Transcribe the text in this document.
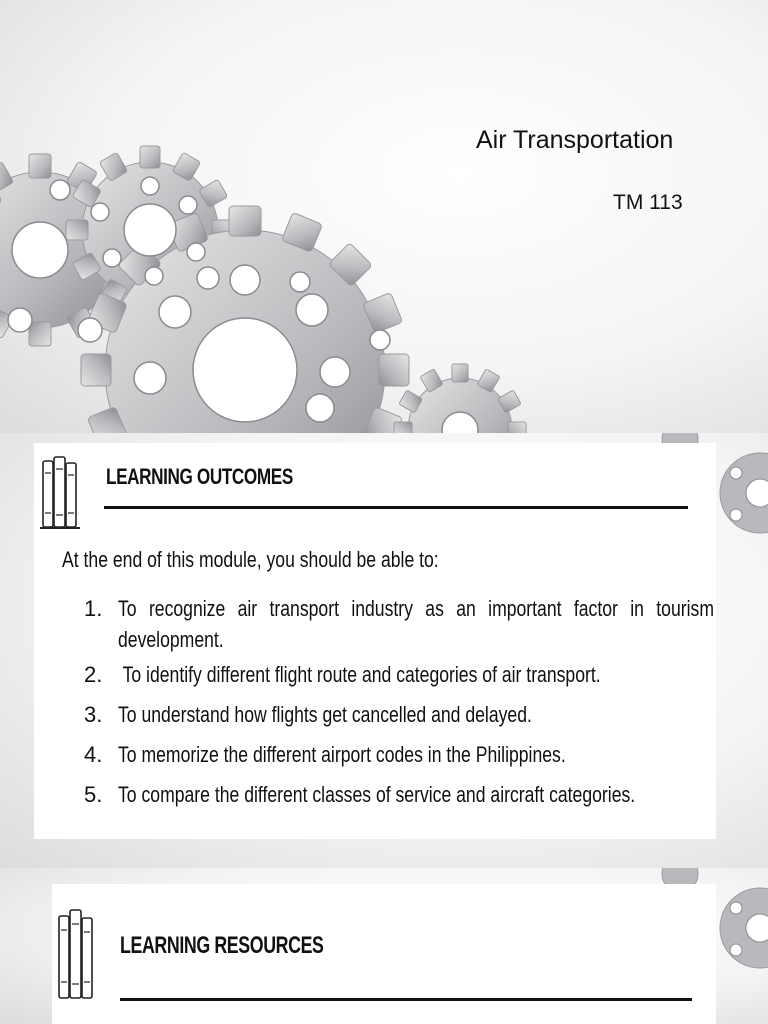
Air Transportation
TM 113
LEARNING OUTCOMES
At the end of this module, you should be able to:
1. To recognize air transport industry as an important factor in tourism development.
2. To identify different flight route and categories of air transport.
3. To understand how flights get cancelled and delayed.
4. To memorize the different airport codes in the Philippines.
5. To compare the different classes of service and aircraft categories.
LEARNING RESOURCES
